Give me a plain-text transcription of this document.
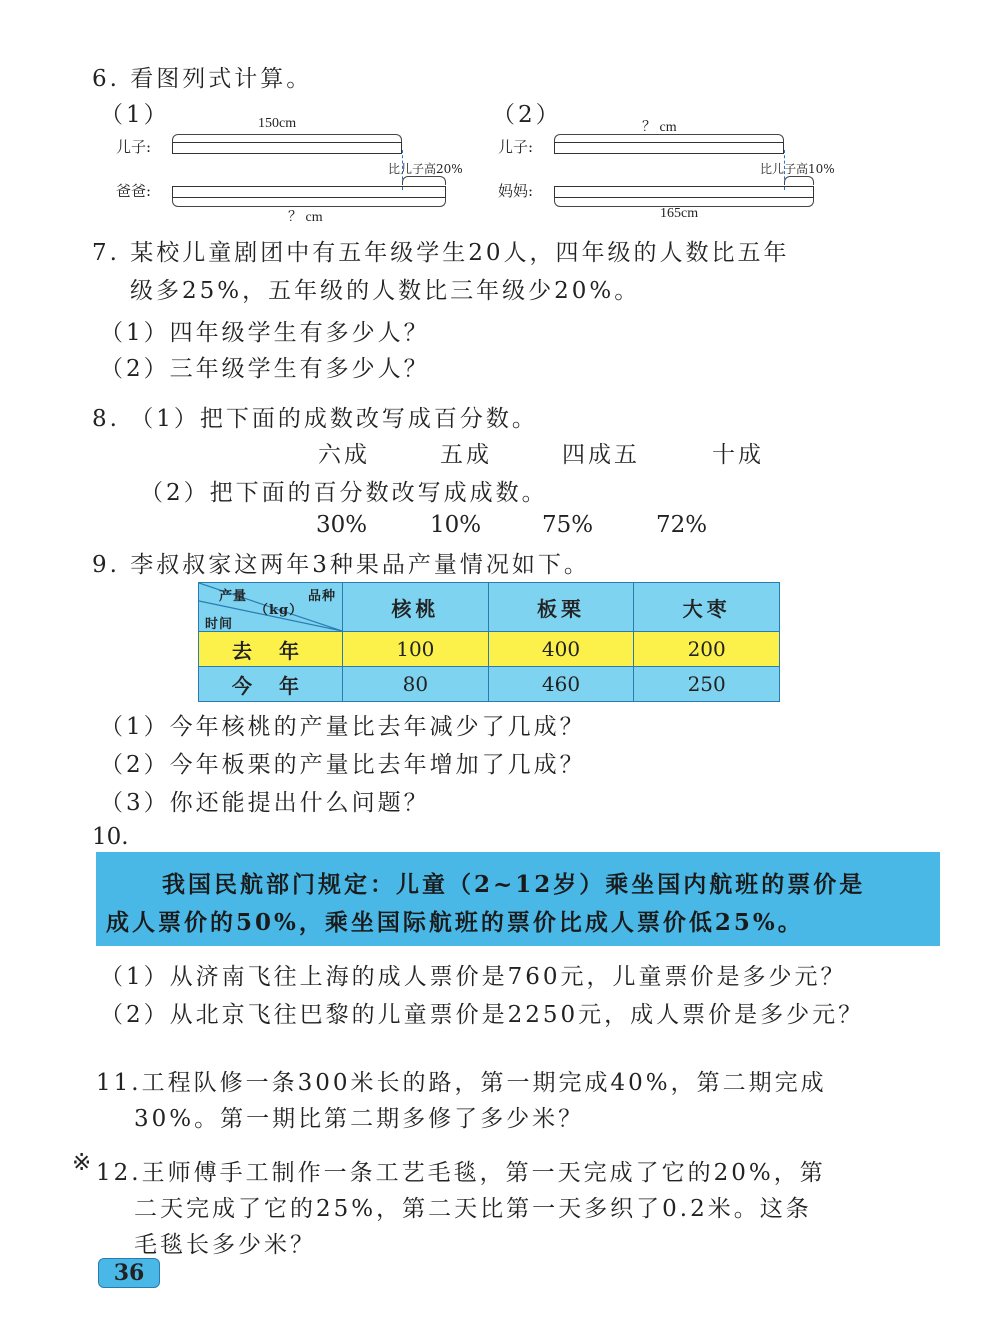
6. 看图列式计算。
（1）	（2）
150cm
儿子:
比儿子高20%
爸爸:
？ cm
？ cm
儿子:
比儿子高10%
妈妈:
165cm
7. 某校儿童剧团中有五年级学生20人，四年级的人数比五年
级多25%，五年级的人数比三年级少20%。
（1）四年级学生有多少人？
（2）三年级学生有多少人？
8. （1）把下面的成数改写成百分数。
六成	五成	四成五	十成
（2）把下面的百分数改写成成数。
30%	10%	75%	72%
9. 李叔叔家这两年3种果品产量情况如下。
品种
产量
（kg）
时间	核桃	板栗	大枣
去 年	100	400	200
今 年	80	460	250
（1）今年核桃的产量比去年减少了几成？
（2）今年板栗的产量比去年增加了几成？
（3）你还能提出什么问题？
10.

我国民航部门规定：儿童（2~12岁）乘坐国内航班的票价是

成人票价的50%，乘坐国际航班的票价比成人票价低25%。

（1）从济南飞往上海的成人票价是760元，儿童票价是多少元？
（2）从北京飞往巴黎的儿童票价是2250元，成人票价是多少元？
11.工程队修一条300米长的路，第一期完成40%，第二期完成
30%。第一期比第二期多修了多少米？
※ 12.王师傅手工制作一条工艺毛毯，第一天完成了它的20%，第
二天完成了它的25%，第二天比第一天多织了0.2米。这条
毛毯长多少米？
36
